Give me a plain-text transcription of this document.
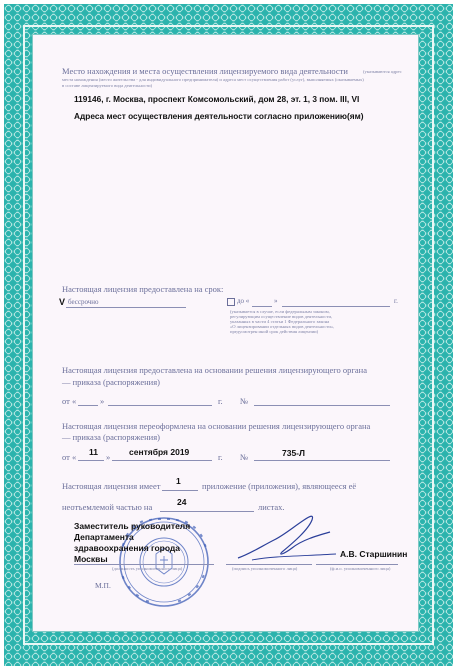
Место нахождения и места осуществления лицензируемого вида деятельности	(указываются адрес
места нахождения (место жительства - для индивидуального предпринимателя) и адреса мест осуществления работ (услуг), выполняемых (оказываемых)
в составе лицензируемого вида деятельности)
119146, г. Москва, проспект Комсомольский, дом 28, эт. 1, 3 пом. III, VI
Адреса мест осуществления деятельности согласно приложению(ям)
Настоящая лицензия предоставлена на срок:
V бессрочно	до «	»	г.
(указывается в случае, если федеральным законом,
регулирующим осуществление видов деятельности,
указанных в части 4 статьи 1 Федерального закона
«О лицензировании отдельных видов деятельности»,
предусмотрен иной срок действия лицензии)
Настоящая лицензия предоставлена на основании решения лицензирующего органа
— приказа (распоряжения)
от «	»	г. №
Настоящая лицензия переоформлена на основании решения лицензирующего органа
— приказа (распоряжения)
от « 11 » сентября 2019	г. №	735-Л
Настоящая лицензия имеет 1	приложение (приложения), являющееся её
неотъемлемой частью на	24	листах.
Заместитель руководителя
Департамента
здравоохранения города
Москвы
(должность уполномоченного лица)	(подпись уполномоченного лица)
А.В. Старшинин
(ф.и.о. уполномоченного лица)
М.П.
